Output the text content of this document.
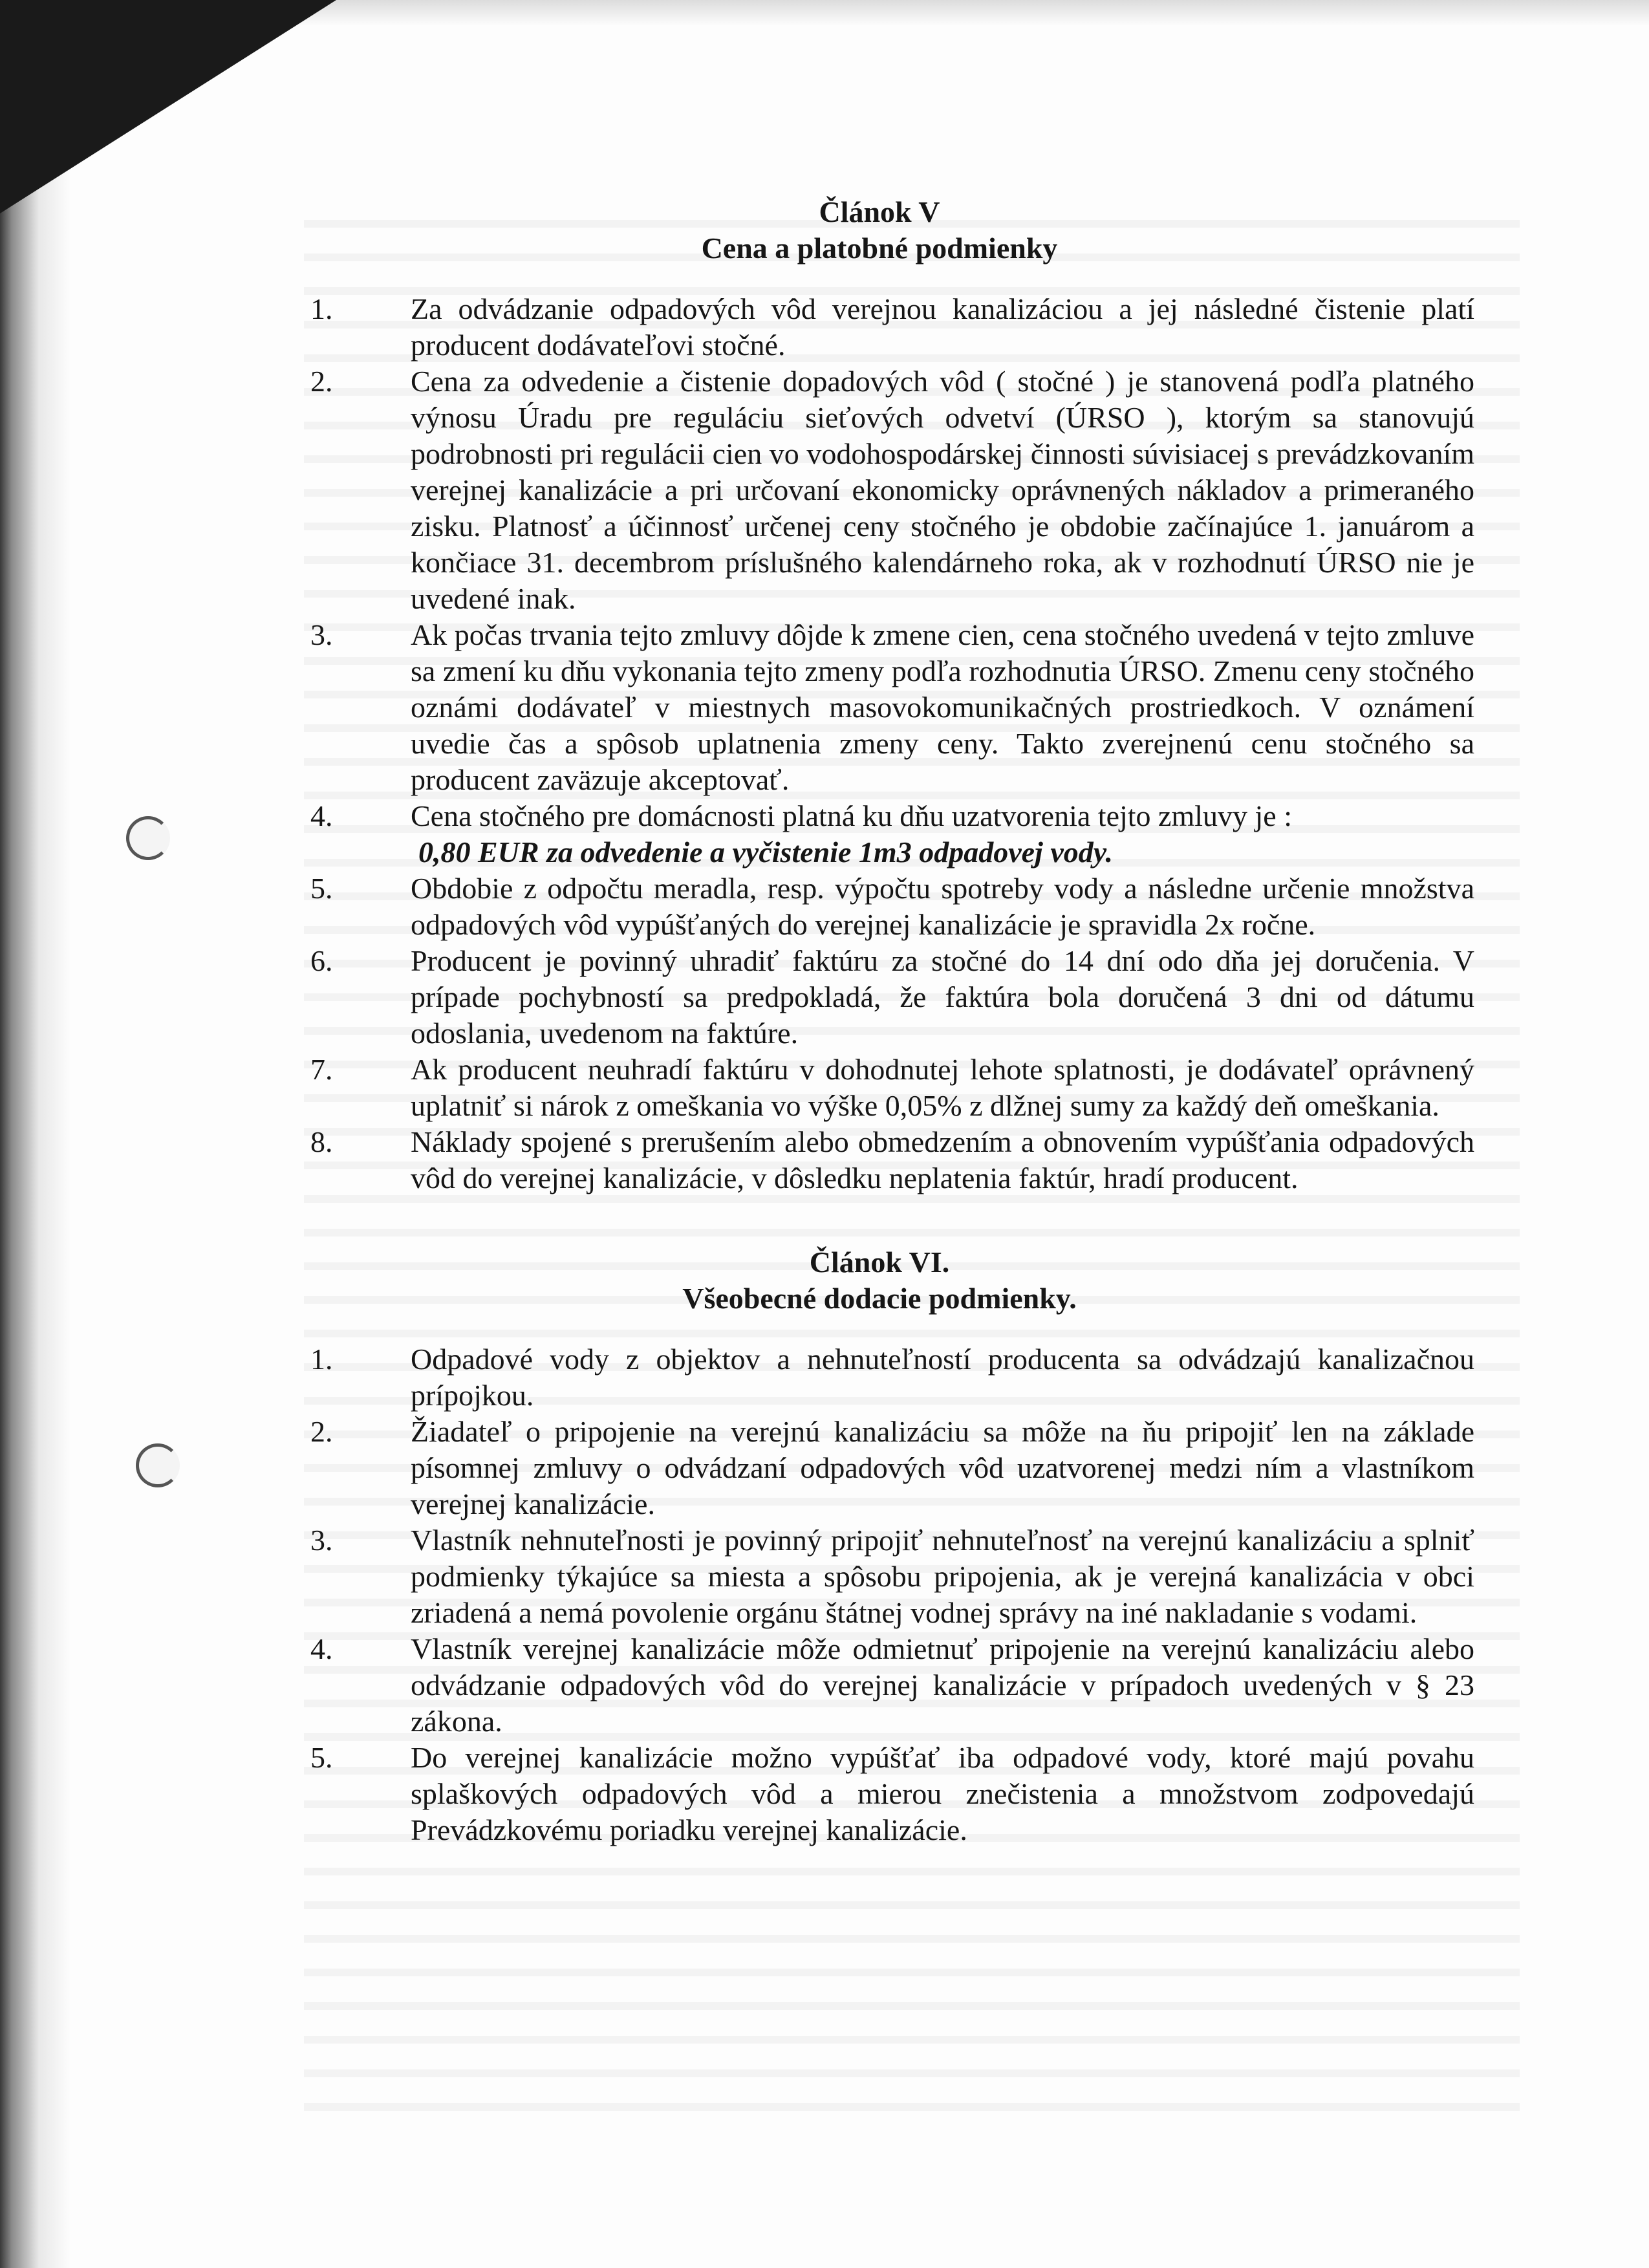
Článok V

Cena a platobné podmienky

1.	Za odvádzanie odpadových vôd verejnou kanalizáciou a jej následné čistenie platí producent dodávateľovi stočné.
2.	Cena za odvedenie a čistenie dopadových vôd ( stočné ) je stanovená podľa platného výnosu Úradu pre reguláciu sieťových odvetví (ÚRSO ), ktorým sa stanovujú podrobnosti pri regulácii cien vo vodohospodárskej činnosti súvisiacej s prevádzkovaním verejnej kanalizácie a pri určovaní ekonomicky oprávnených nákladov a primeraného zisku. Platnosť a účinnosť určenej ceny stočného je obdobie začínajúce 1. januárom a končiace 31. decembrom príslušného kalendárneho roka, ak v rozhodnutí ÚRSO nie je uvedené inak.
3.	Ak počas trvania tejto zmluvy dôjde k zmene cien, cena stočného uvedená v tejto zmluve sa zmení ku dňu vykonania tejto zmeny podľa rozhodnutia ÚRSO. Zmenu ceny stočného oznámi dodávateľ v miestnych masovokomunikačných prostriedkoch. V oznámení uvedie čas a spôsob uplatnenia zmeny ceny. Takto zverejnenú cenu stočného sa producent zaväzuje akceptovať.
4.	Cena stočného pre domácnosti platná ku dňu uzatvorenia tejto zmluvy je :
0,80 EUR za odvedenie a vyčistenie 1m3 odpadovej vody.
5.	Obdobie z odpočtu meradla, resp. výpočtu spotreby vody a následne určenie množstva odpadových vôd vypúšťaných do verejnej kanalizácie je spravidla 2x ročne.
6.	Producent je povinný uhradiť faktúru za stočné do 14 dní odo dňa jej doručenia. V prípade pochybností sa predpokladá, že faktúra bola doručená 3 dni od dátumu odoslania, uvedenom na faktúre.
7.	Ak producent neuhradí faktúru v dohodnutej lehote splatnosti, je dodávateľ oprávnený uplatniť si nárok z omeškania vo výške 0,05% z dlžnej sumy za každý deň omeškania.
8.	Náklady spojené s prerušením alebo obmedzením a obnovením vypúšťania odpadových vôd do verejnej kanalizácie, v dôsledku neplatenia faktúr, hradí producent.

Článok VI.

Všeobecné dodacie podmienky.

1.	Odpadové vody z objektov a nehnuteľností producenta sa odvádzajú kanalizačnou prípojkou.
2.	Žiadateľ o pripojenie na verejnú kanalizáciu sa môže na ňu pripojiť len na základe písomnej zmluvy o odvádzaní odpadových vôd uzatvorenej medzi ním a vlastníkom verejnej kanalizácie.
3.	Vlastník nehnuteľnosti je povinný pripojiť nehnuteľnosť na verejnú kanalizáciu a splniť podmienky týkajúce sa miesta a spôsobu pripojenia, ak je verejná kanalizácia v obci zriadená a nemá povolenie orgánu štátnej vodnej správy na iné nakladanie s vodami.
4.	Vlastník verejnej kanalizácie môže odmietnuť pripojenie na verejnú kanalizáciu alebo odvádzanie odpadových vôd do verejnej kanalizácie v prípadoch uvedených v § 23 zákona.
5.	Do verejnej kanalizácie možno vypúšťať iba odpadové vody, ktoré majú povahu splaškových odpadových vôd a mierou znečistenia a množstvom zodpovedajú Prevádzkovému poriadku verejnej kanalizácie.
